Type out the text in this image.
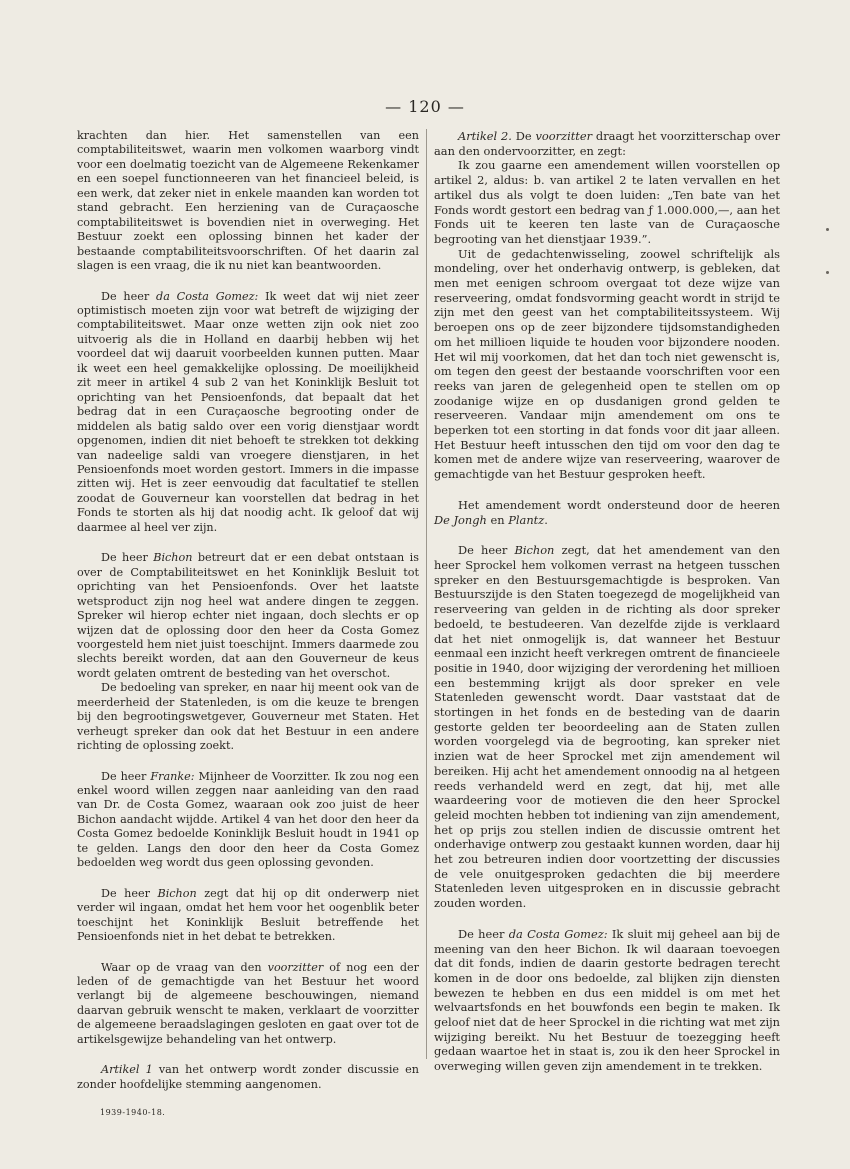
— 120 —

krachten dan hier. Het samenstellen van een comptabiliteitswet, waarin men volkomen waarborg vindt voor een doelmatig toezicht van de Algemeene Rekenkamer en een soepel functionneeren van het financieel beleid, is een werk, dat zeker niet in enkele maanden kan worden tot stand gebracht. Een herziening van de Curaçaosche comptabiliteitswet is bovendien niet in overweging. Het Bestuur zoekt een oplossing binnen het kader der bestaande comptabiliteitsvoorschriften. Of het daarin zal slagen is een vraag, die ik nu niet kan beantwoorden.

De heer da Costa Gomez: Ik weet dat wij niet zeer optimistisch moeten zijn voor wat betreft de wijziging der comptabiliteitswet. Maar onze wetten zijn ook niet zoo uitvoerig als die in Holland en daarbij hebben wij het voordeel dat wij daaruit voorbeelden kunnen putten. Maar ik weet een heel gemakkelijke oplossing. De moeilijkheid zit meer in artikel 4 sub 2 van het Koninklijk Besluit tot oprichting van het Pensioenfonds, dat bepaalt dat het bedrag dat in een Curaçaosche begrooting onder de middelen als batig saldo over een vorig dienstjaar wordt opgenomen, indien dit niet behoeft te strekken tot dekking van nadeelige saldi van vroegere dienstjaren, in het Pensioenfonds moet worden gestort. Immers in die impasse zitten wij. Het is zeer eenvoudig dat facultatief te stellen zoodat de Gouverneur kan voorstellen dat bedrag in het Fonds te storten als hij dat noodig acht. Ik geloof dat wij daarmee al heel ver zijn.

De heer Bichon betreurt dat er een debat ontstaan is over de Comptabiliteitswet en het Koninklijk Besluit tot oprichting van het Pensioenfonds. Over het laatste wetsproduct zijn nog heel wat andere dingen te zeggen. Spreker wil hierop echter niet ingaan, doch slechts er op wijzen dat de oplossing door den heer da Costa Gomez voorgesteld hem niet juist toeschijnt. Immers daarmede zou slechts bereikt worden, dat aan den Gouverneur de keus wordt gelaten omtrent de besteding van het overschot.

De bedoeling van spreker, en naar hij meent ook van de meerderheid der Statenleden, is om die keuze te brengen bij den begrootingswetgever, Gouverneur met Staten. Het verheugt spreker dan ook dat het Bestuur in een andere richting de oplossing zoekt.

De heer Franke: Mijnheer de Voorzitter. Ik zou nog een enkel woord willen zeggen naar aanleiding van den raad van Dr. de Costa Gomez, waaraan ook zoo juist de heer Bichon aandacht wijdde. Artikel 4 van het door den heer da Costa Gomez bedoelde Koninklijk Besluit houdt in 1941 op te gelden. Langs den door den heer da Costa Gomez bedoelden weg wordt dus geen oplossing gevonden.

De heer Bichon zegt dat hij op dit onderwerp niet verder wil ingaan, omdat het hem voor het oogenblik beter toeschijnt het Koninklijk Besluit betreffende het Pensioenfonds niet in het debat te betrekken.

Waar op de vraag van den voorzitter of nog een der leden of de gemachtigde van het Bestuur het woord verlangt bij de algemeene beschouwingen, niemand daarvan gebruik wenscht te maken, verklaart de voorzitter de algemeene beraadslagingen gesloten en gaat over tot de artikelsgewijze behandeling van het ontwerp.

Artikel 1 van het ontwerp wordt zonder discussie en zonder hoofdelijke stemming aangenomen.

Artikel 2. De voorzitter draagt het voorzitterschap over aan den ondervoorzitter, en zegt:

Ik zou gaarne een amendement willen voorstellen op artikel 2, aldus: b. van artikel 2 te laten vervallen en het artikel dus als volgt te doen luiden: „Ten bate van het Fonds wordt gestort een bedrag van ƒ 1.000.000,—, aan het Fonds uit te keeren ten laste van de Curaçaosche begrooting van het dienstjaar 1939.”.

Uit de gedachtenwisseling, zoowel schriftelijk als mondeling, over het onderhavig ontwerp, is gebleken, dat men met eenigen schroom overgaat tot deze wijze van reserveering, omdat fondsvorming geacht wordt in strijd te zijn met den geest van het comptabiliteitssysteem. Wij beroepen ons op de zeer bijzondere tijdsomstandigheden om het millioen liquide te houden voor bijzondere nooden. Het wil mij voorkomen, dat het dan toch niet gewenscht is, om tegen den geest der bestaande voorschriften voor een reeks van jaren de gelegenheid open te stellen om op zoodanige wijze en op dusdanigen grond gelden te reserveeren. Vandaar mijn amendement om ons te beperken tot een storting in dat fonds voor dit jaar alleen. Het Bestuur heeft intusschen den tijd om voor den dag te komen met de andere wijze van reserveering, waarover de gemachtigde van het Bestuur gesproken heeft.

Het amendement wordt ondersteund door de heeren De Jongh en Plantz.

De heer Bichon zegt, dat het amendement van den heer Sprockel hem volkomen verrast na hetgeen tusschen spreker en den Bestuursgemachtigde is besproken. Van Bestuurszijde is den Staten toegezegd de mogelijkheid van reserveering van gelden in de richting als door spreker bedoeld, te bestudeeren. Van dezelfde zijde is verklaard dat het niet onmogelijk is, dat wanneer het Bestuur eenmaal een inzicht heeft verkregen omtrent de financieele positie in 1940, door wijziging der verordening het millioen een bestemming krijgt als door spreker en vele Statenleden gewenscht wordt. Daar vaststaat dat de stortingen in het fonds en de besteding van de daarin gestorte gelden ter beoordeeling aan de Staten zullen worden voorgelegd via de begrooting, kan spreker niet inzien wat de heer Sprockel met zijn amendement wil bereiken. Hij acht het amendement onnoodig na al hetgeen reeds verhandeld werd en zegt, dat hij, met alle waardeering voor de motieven die den heer Sprockel geleid mochten hebben tot indiening van zijn amendement, het op prijs zou stellen indien de discussie omtrent het onderhavige ontwerp zou gestaakt kunnen worden, daar hij het zou betreuren indien door voortzetting der discussies de vele onuitgesproken gedachten die bij meerdere Statenleden leven uitgesproken en in discussie gebracht zouden worden.

De heer da Costa Gomez: Ik sluit mij geheel aan bij de meening van den heer Bichon. Ik wil daaraan toevoegen dat dit fonds, indien de daarin gestorte bedragen terecht komen in de door ons bedoelde, zal blijken zijn diensten bewezen te hebben en dus een middel is om met het welvaartsfonds en het bouwfonds een begin te maken. Ik geloof niet dat de heer Sprockel in die richting wat met zijn wijziging bereikt. Nu het Bestuur de toezegging heeft gedaan waartoe het in staat is, zou ik den heer Sprockel in overweging willen geven zijn amendement in te trekken.

1939-1940-18.
